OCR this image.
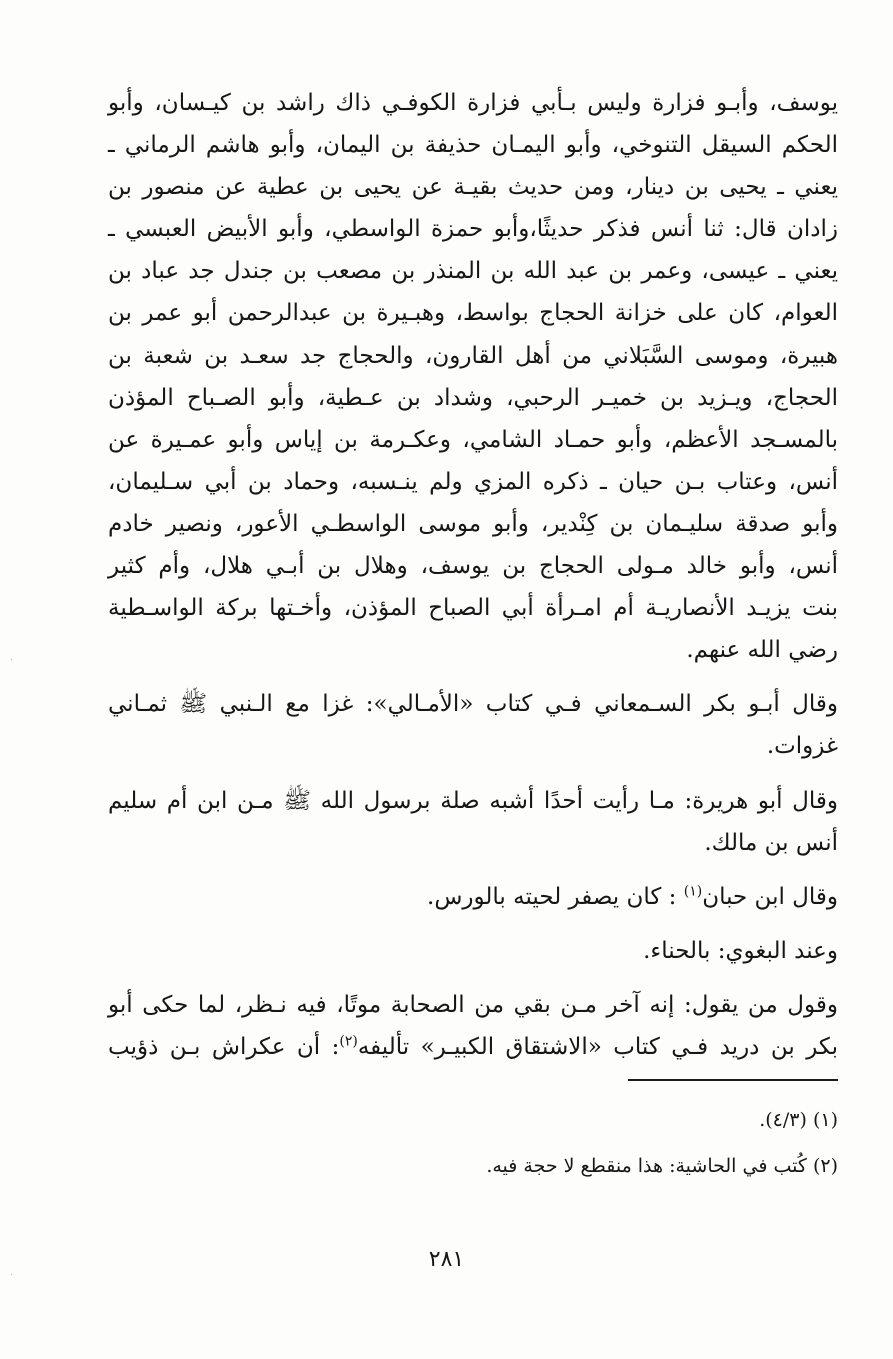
يوسف، وأبـو فزارة وليس بـأبي فزارة الكوفـي ذاك راشد بن كيـسان، وأبو
الحكم السيقل التنوخي، وأبو اليمـان حذيفة بن اليمان، وأبو هاشم الرماني ـ
يعني ـ يحيى بن دينار، ومن حديث بقيـة عن يحيى بن عطية عن منصور بن
زادان قال: ثنا أنس فذكر حديثًا،وأبو حمزة الواسطي، وأبو الأبيض العبسي ـ
يعني ـ عيسى، وعمر بن عبد الله بن المنذر بن مصعب بن جندل جد عباد بن
العوام، كان على خزانة الحجاج بواسط، وهبـيرة بن عبدالرحمن أبو عمر بن
هبيرة، وموسى السَّبَلاني من أهل القارون، والحجاج جد سعـد بن شعبة بن
الحجاج، ويـزيد بن خميـر الرحبي، وشداد بن عـطية، وأبو الصـباح المؤذن
بالمسـجد الأعظم، وأبو حمـاد الشامي، وعكـرمة بن إياس وأبو عمـيرة عن
أنس، وعتاب بـن حيان ـ ذكره المزي ولم ينـسبه، وحماد بن أبي سـليمان،
وأبو صدقة سليـمان بن كِنْدير، وأبو موسى الواسطـي الأعور، ونصير خادم
أنس، وأبو خالد مـولى الحجاج بن يوسف، وهلال بن أبـي هلال، وأم كثير
بنت يزيـد الأنصاريـة أم امـرأة أبي الصباح المؤذن، وأخـتها بركة الواسـطية
رضي الله عنهم.

وقال أبـو بكر السـمعاني فـي كتاب «الأمـالي»: غزا مع الـنبي ﷺ ثمـاني
غزوات.

وقال أبو هريرة: مـا رأيت أحدًا أشبه صلة برسول الله ﷺ مـن ابن أم سليم
أنس بن مالك.

وقال ابن حبان$^{(١)}$ : كان يصفر لحيته بالورس.

وعند البغوي: بالحناء.

وقول من يقول: إنه آخر مـن بقي من الصحابة موتًا، فيه نـظر، لما حكى أبو
بكر بن دريد فـي كتاب «الاشتقاق الكبيـر» تأليفه$^{(٢)}$: أن عكراش بـن ذؤيب

(١) (٤/٣).
(٢) كُتب في الحاشية: هذا منقطع لا حجة فيه.
٢٨١
·
·
